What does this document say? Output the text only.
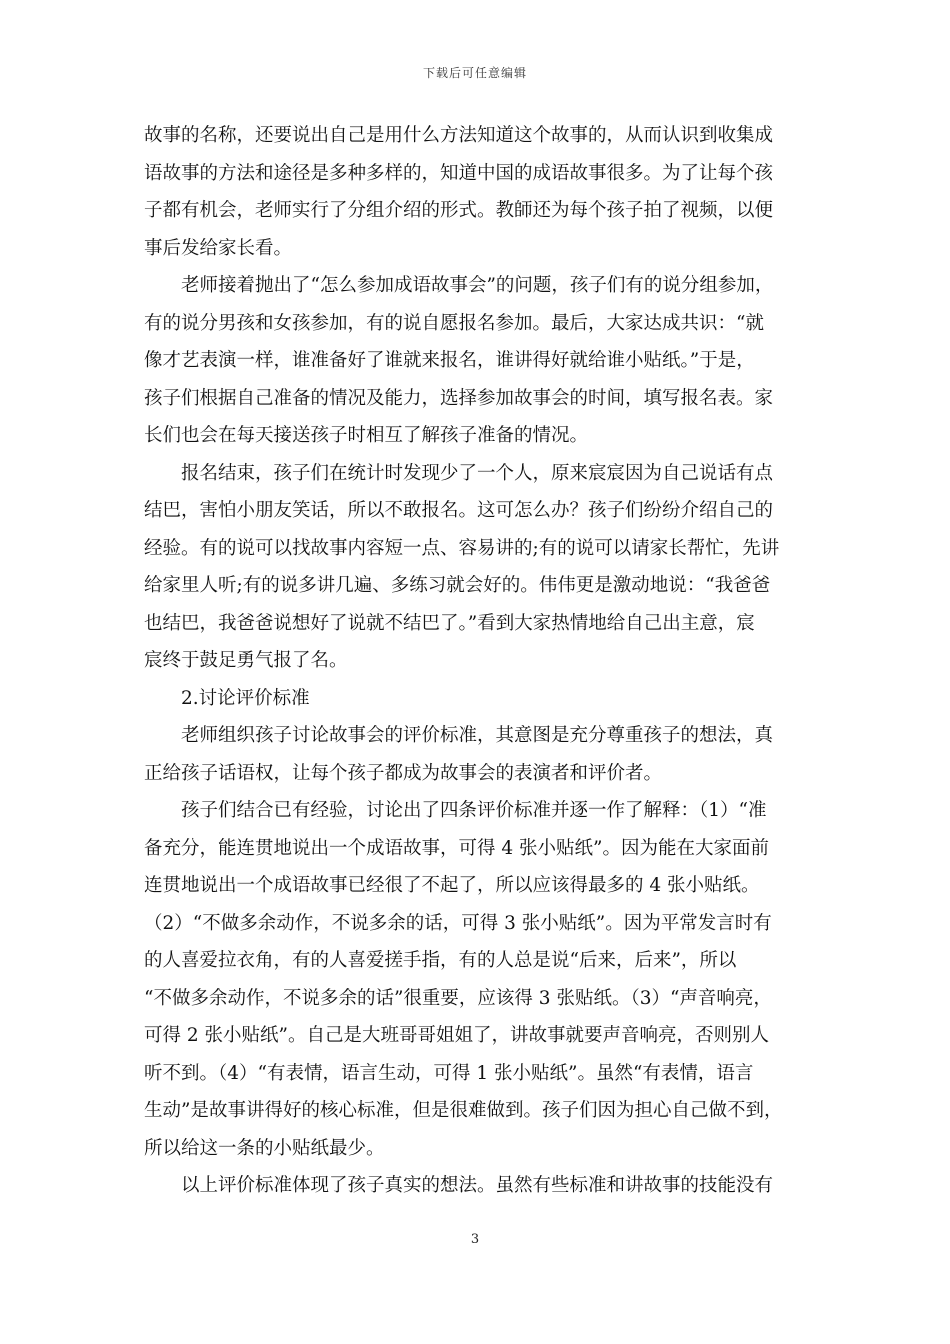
下载后可任意编辑
故事的名称，还要说出自己是用什么方法知道这个故事的，从而认识到收集成
语故事的方法和途径是多种多样的，知道中国的成语故事很多。为了让每个孩
子都有机会，老师实行了分组介绍的形式。教師还为每个孩子拍了视频，以便
事后发给家长看。
　　老师接着抛出了“怎么参加成语故事会”的问题，孩子们有的说分组参加，
有的说分男孩和女孩参加，有的说自愿报名参加。最后，大家达成共识：“就
像才艺表演一样，谁准备好了谁就来报名，谁讲得好就给谁小贴纸。”于是，
孩子们根据自己准备的情况及能力，选择参加故事会的时间，填写报名表。家
长们也会在每天接送孩子时相互了解孩子准备的情况。
　　报名结束，孩子们在统计时发现少了一个人，原来宸宸因为自己说话有点
结巴，害怕小朋友笑话，所以不敢报名。这可怎么办？孩子们纷纷介绍自己的
经验。有的说可以找故事内容短一点、容易讲的;有的说可以请家长帮忙，先讲
给家里人听;有的说多讲几遍、多练习就会好的。伟伟更是激动地说：“我爸爸
也结巴，我爸爸说想好了说就不结巴了。”看到大家热情地给自己出主意，宸
宸终于鼓足勇气报了名。
　　2.讨论评价标准
　　老师组织孩子讨论故事会的评价标准，其意图是充分尊重孩子的想法，真
正给孩子话语权，让每个孩子都成为故事会的表演者和评价者。
　　孩子们结合已有经验，讨论出了四条评价标准并逐一作了解释：（1）“准
备充分，能连贯地说出一个成语故事，可得 4 张小贴纸”。因为能在大家面前
连贯地说出一个成语故事已经很了不起了，所以应该得最多的 4 张小贴纸。
（2）“不做多余动作，不说多余的话，可得 3 张小贴纸”。因为平常发言时有
的人喜爱拉衣角，有的人喜爱搓手指，有的人总是说“后来，后来”，所以
“不做多余动作，不说多余的话”很重要，应该得 3 张贴纸。（3）“声音响亮，
可得 2 张小贴纸”。自己是大班哥哥姐姐了，讲故事就要声音响亮，否则别人
听不到。（4）“有表情，语言生动，可得 1 张小贴纸”。虽然“有表情，语言
生动”是故事讲得好的核心标准，但是很难做到。孩子们因为担心自己做不到，
所以给这一条的小贴纸最少。
　　以上评价标准体现了孩子真实的想法。虽然有些标准和讲故事的技能没有
3
